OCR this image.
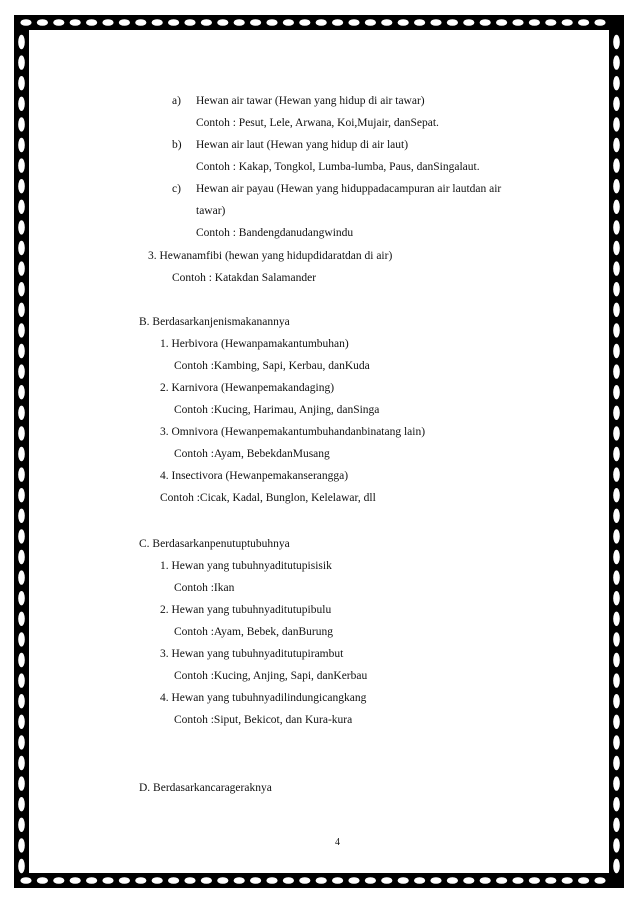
a) Hewan air tawar (Hewan yang hidup di air tawar)
Contoh : Pesut, Lele, Arwana, Koi,Mujair, danSepat.
b) Hewan air laut (Hewan yang hidup di air laut)
Contoh : Kakap, Tongkol, Lumba-lumba, Paus, danSingalaut.
c) Hewan air payau (Hewan yang hiduppadacampuran air lautdan air
tawar)
Contoh : Bandengdanudangwindu
3. Hewanamfibi (hewan yang hidupdidaratdan di air)
Contoh : Katakdan Salamander
B. Berdasarkanjenismakanannya
1. Herbivora (Hewanpamakantumbuhan)
Contoh :Kambing, Sapi, Kerbau, danKuda
2. Karnivora (Hewanpemakandaging)
Contoh :Kucing, Harimau, Anjing, danSinga
3. Omnivora (Hewanpemakantumbuhandanbinatang lain)
Contoh :Ayam, BebekdanMusang
4. Insectivora (Hewanpemakanserangga)
Contoh :Cicak, Kadal, Bunglon, Kelelawar, dll
C. Berdasarkanpenutuptubuhnya
1. Hewan yang tubuhnyaditutupisisik
Contoh :Ikan
2. Hewan yang tubuhnyaditutupibulu
Contoh :Ayam, Bebek, danBurung
3. Hewan yang tubuhnyaditutupirambut
Contoh :Kucing, Anjing, Sapi, danKerbau
4. Hewan yang tubuhnyadilindungicangkang
Contoh :Siput, Bekicot, dan Kura-kura
D. Berdasarkancarageraknya
4
